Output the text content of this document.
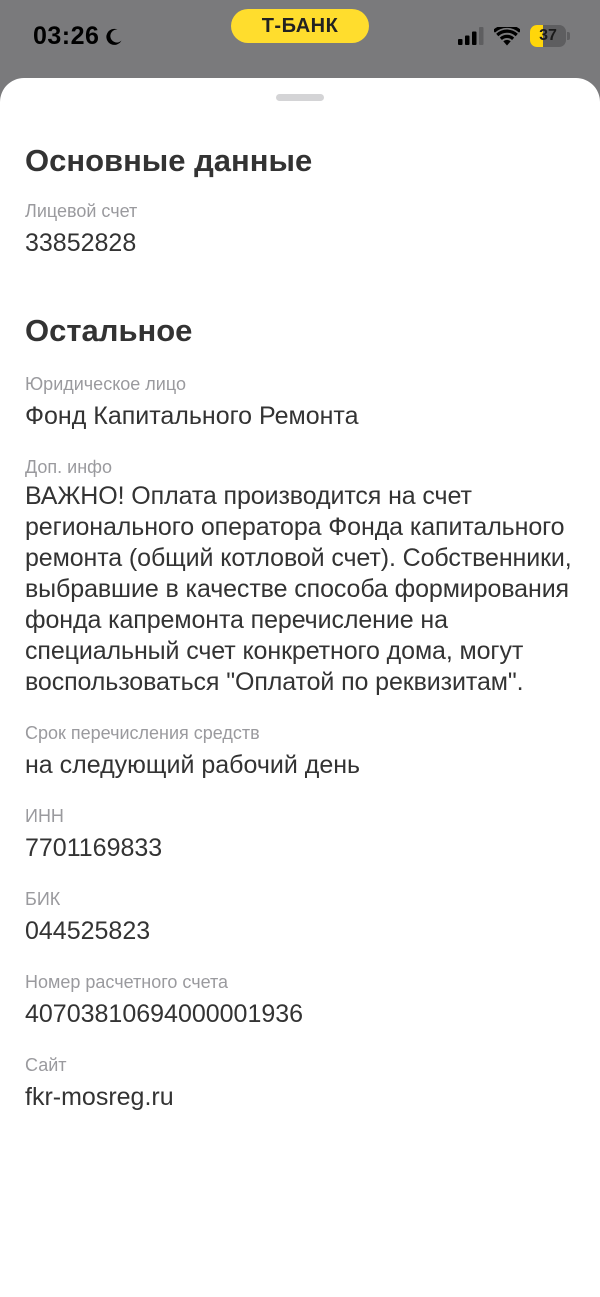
03:26	Т-БАНК	37
Основные данные
Лицевой счет
33852828
Остальное
Юридическое лицо
Фонд Капитального Ремонта
Доп. инфо
ВАЖНО! Оплата производится на счет регионального оператора Фонда капитального ремонта (общий котловой счет). Собственники, выбравшие в качестве способа формирования фонда капремонта перечисление на специальный счет конкретного дома, могут воспользоваться "Оплатой по реквизитам".
Срок перечисления средств
на следующий рабочий день
ИНН
7701169833
БИК
044525823
Номер расчетного счета
40703810694000001936
Сайт
fkr-mosreg.ru
